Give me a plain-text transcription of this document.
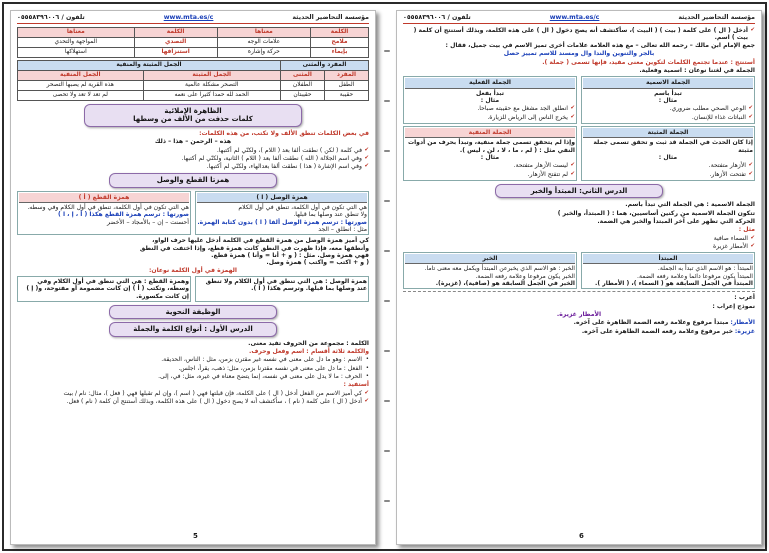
مؤسسة التحاضير الحديثة
www.mta.es/c
تلفون / ٠٥٥٥٨٣٩٦٠٠٦
الكلمة	معناها	الكلمة	معناها
ملامح	علامات الوجه	التصدي	المواجهة والتحدي
بإيماء	حركة وإشارة	استنزافها	استهلاكها
المفرد والمثنى		الجمل المثبتة والمنفية	
المفرد	المثنى	الجمل المثبتة	الجمل المنفية
الطفل	الطفلان	التصحر مشكلة عالمية	هذه القرية لم يصبها التصحر
حقيبة	حقيبتان	الحمد لله حمدا كثيرا على نعمه	لم تعد لا تعد ولا تحصى
الظاهرة الإملائية
كلمات حذفت من الألف من وسطها
في بعض الكلمات تنطق الألف ولا تكتب، من هذه الكلمات:
هذه – الرحمن – هذا – ذلك
✔ في كلمة ( لكن ) نطقت ألفا بعد ( اللام )، ولكنّي لم أكتبها.
✔ وفي اسم الجلالة ( الله ) نطقت ألفا بعد ( اللام ) الثانية، ولكنّي لم أكتبها.
✔ وفي اسم الإشارة ( هذا ) نطقت ألفا بعدالهاء، ولكنّي لم أكتبها.
همزتا القطع والوصل
همزة الوصل ( ا )
هي التي تكون في أول الكلمة، تنطق في أول الكلام
ولا تنطق عند وصلها بما قبلها.
صورتها : ترسم همزة الوصل ألفا ( ا ) بدون كتابة الهمزة.
مثل : انطلق – الجد
همزة القطع ( أ )
هي التي تكون في أول الكلمة، تنطق في أول الكلام وفي وسطه.
صورتها : ترسم همزة القطع هكذا ( أ ، إ ، ا )
أحسنت – إن – بالأمجاد – الأخضر
كي أميز همزة الوصل من همزة القطع في الكلمة أدخل عليها حرف الواو،
وأنطقها معه، فإذا ظهرت في النطق كانت همزة قطع، وإذا اختفت في النطق
فهي همزة وصل. مثل : ( و + أنا = وأنا ) همزة قطع.
( و + اكتب = واكتب ) همزة وصل.
الهمزة في أول الكلمة نوعان:
همزة الوصل : هي التي تنطق في أول الكلام ولا تنطق عند وصلها بما قبلها. وترسم هكذا ( ا ).
وهمزة القطع : هي التي تنطق في أول الكلام وفي وسطه، وتكتب ( أ ) إن كانت مضمومة أو مفتوحة، و( إ ) إن كانت مكسورة.
الوظيفة النحوية
الدرس الأول : أنواع الكلمة والجملة
الكلمة : مجموعة من الحروف تفيد معنى.
والكلمة ثلاثة أقسام : اسم وفعل وحرف.
• الاسم : وهو ما دل على معنى في نفسه غير مقترن بزمن، مثل : الناس، الحديقة.
• الفعل : ما دل على معنى في نفسه مقترنا بزمن، مثل: ذهب، يقرأ، اجلس.
• الحرف : ما لا يدل على معنى في نفسه، إنما يتضح معناه في غيره، مثل: في، إلى.
أستفيد :
✔ كي أميز الاسم من الفعل أدخل ( ال ) على الكلمة، فإن قبلتها فهي ( اسم )، وإن لم تقبلها فهي ( فعل )، مثال: نام / بيت
✔ أدخل ( ال ) على كلمة ( نام ) ، سأكتشف أنه لا يصح دخول ( ال ) على هذه الكلمة، وبذلك أستنتج أن كلمة ( نام ) فعل.
5
مؤسسة التحاضير الحديثة
www.mta.es/c
تلفون / ٠٥٥٥٨٣٩٦٠٠٦
✔ أدخل ( ال ) على كلمة ( بيت ) ( البيت )، سأكتشف أنه يصح دخول ( ال ) على هذه الكلمة، وبذلك أستنتج أن كلمة ( بيت ) اسم.
جمع الإمام ابن مالك – رحمه الله تعالى – مع هذه العلامة علامات أخرى تميز الاسم في بيت جميل، فقال :
بالجر والتنوين والندا وال ومسند للاسم تمييز حصل
أستنتج : عندما تجتمع الكلمات لتكوين معنى مفيد، فإنها تسمى ( جملة ).
الجملة في لغتنا نوعان : اسمية وفعلية.
الجملة الاسمية
تبدأ باسم
مثال :
✔ الوعي الصحي مطلب ضروري.
✔ النباتات غذاء للإنسان.
الجملة الفعلية
تبدأ بفعل
مثال :
✔ انطلق الجد مشغل مع حقيبته صباحا.
✔ يخرج الناس إلى الرياض للزيارة.
الجملة المثبتة
إذا كان الحدث في الجملة قد ثبت و تحقق تسمى جملة مثبتة
مثال :
✔ الأزهار متفتحة.
✔ تفتحت الأزهار.
الجملة المنفية
وإذا لم يتحقق تسمى جملة منفية، وتبدأ بحرف من أدوات النفي مثل : ( لم ، ما ، لا ، لن ، ليس ).
مثال :
✔ ليست الأزهار متفتحة.
✔ لم تتفتح الأزهار.
الدرس الثاني: المبتدأ والخبر
الجملة الاسمية : هي الجملة التي تبدأ باسم.
تتكون الجملة الاسمية من ركنين أساسيين، هما : ( المبتدأ، والخبر )
الحركة التي تظهر على آخر المبتدأ والخبر هي الضمة.
مثل :
✔ السماء صافية
✔ الأمطار غزيرة
المبتدأ
المبتدأ : هو الاسم الذي تبدأ به الجملة.
المبتدأ يكون مرفوعا دائما وعلامة رفعه الضمة.
المبتدأ في الجمل السابقة هو ( السماء )، ( الأمطار ).
الخبر
الخبر : هو الاسم الذي يخبرعن المبتدأ ويكمل معه معنى تاما.
الخبر يكون مرفوعا وعلامة رفعه الضمة.
الخبر في الجمل السابقة هو (صافية)، (غزيرة).
أعرب :
نموذج إعراب :
الأمطار غزيرة.
الأمطار: مبتدأ مرفوع وعلامة رفعه الضمة الظاهرة على آخره.
غزيرة: خبر مرفوع وعلامة رفعه الضمة الظاهرة على آخره.
6
